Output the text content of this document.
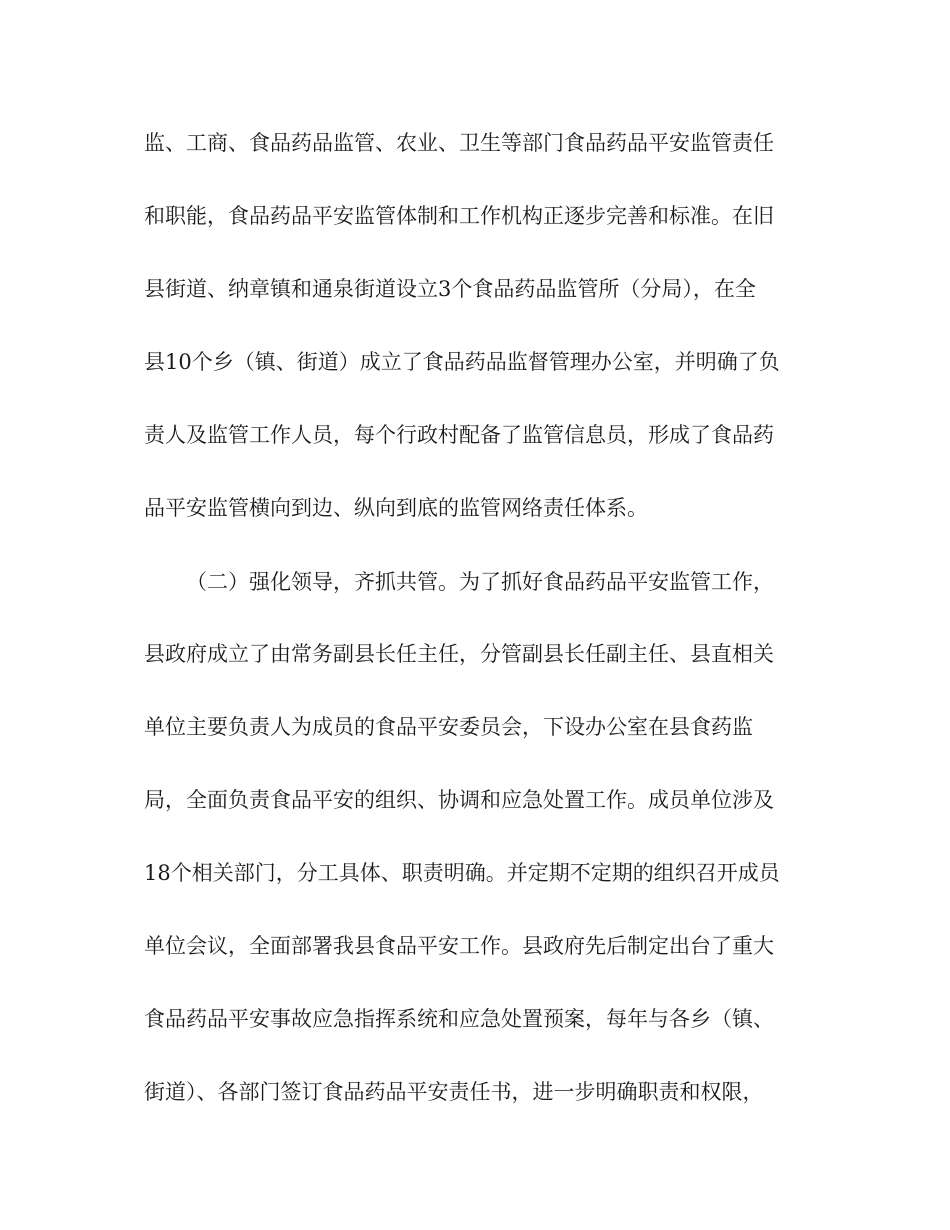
监、工商、食品药品监管、农业、卫生等部门食品药品平安监管责任
和职能，食品药品平安监管体制和工作机构正逐步完善和标准。在旧
县街道、纳章镇和通泉街道设立3个食品药品监管所（分局），在全
县10个乡（镇、街道）成立了食品药品监督管理办公室，并明确了负
责人及监管工作人员，每个行政村配备了监管信息员，形成了食品药
品平安监管横向到边、纵向到底的监管网络责任体系。
（二）强化领导，齐抓共管。为了抓好食品药品平安监管工作，
县政府成立了由常务副县长任主任，分管副县长任副主任、县直相关
单位主要负责人为成员的食品平安委员会，下设办公室在县食药监
局，全面负责食品平安的组织、协调和应急处置工作。成员单位涉及
18个相关部门，分工具体、职责明确。并定期不定期的组织召开成员
单位会议，全面部署我县食品平安工作。县政府先后制定出台了重大
食品药品平安事故应急指挥系统和应急处置预案，每年与各乡（镇、
街道）、各部门签订食品药品平安责任书，进一步明确职责和权限，
